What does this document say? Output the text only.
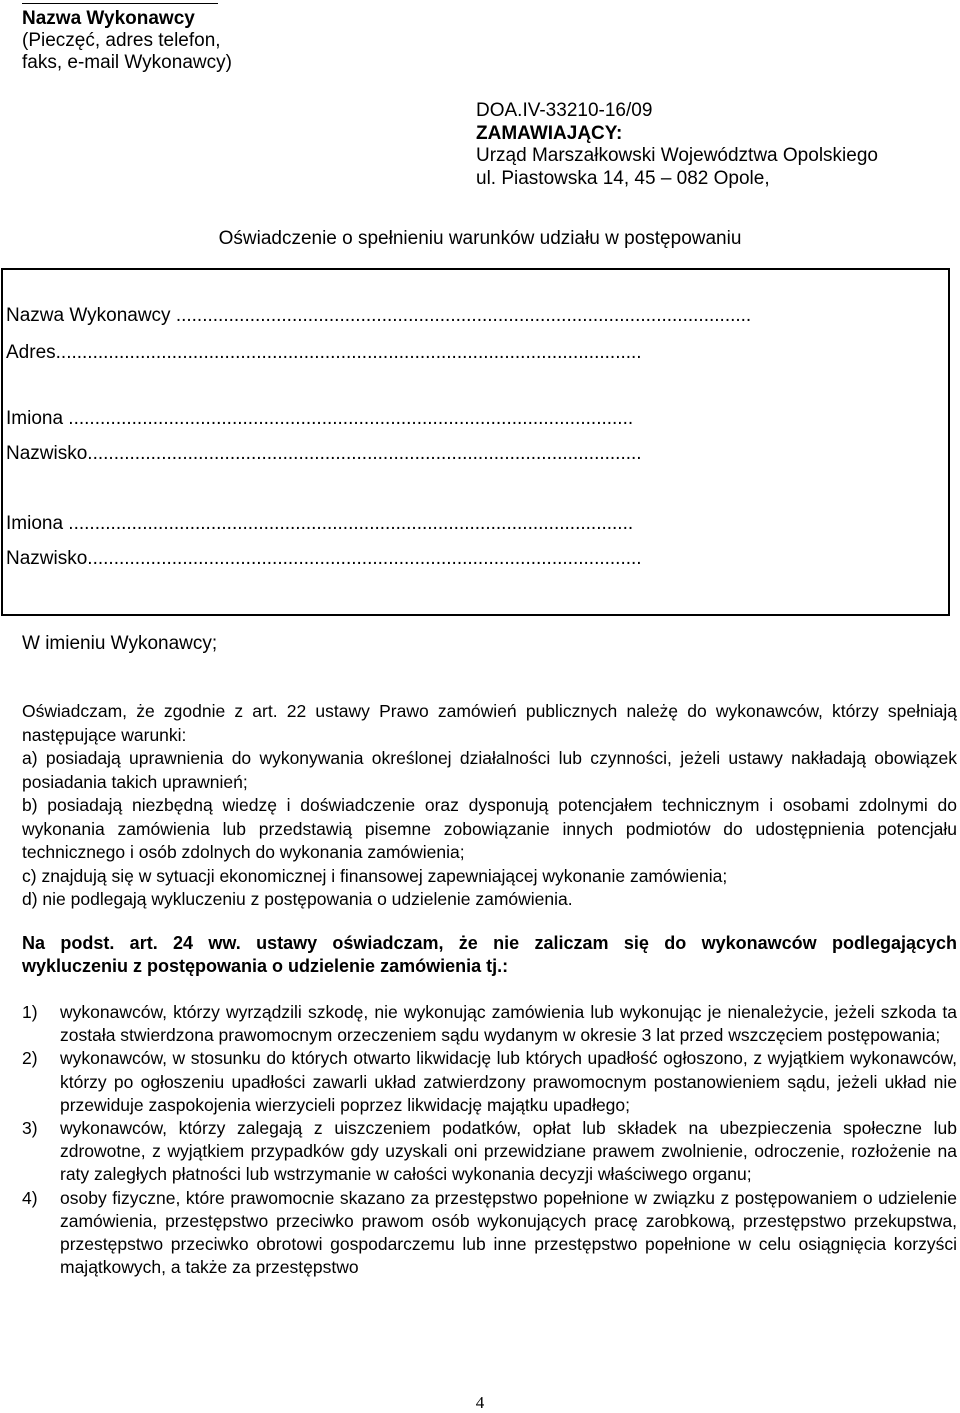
Nazwa Wykonawcy
(Pieczęć, adres telefon,
faks, e-mail Wykonawcy)
DOA.IV-33210-16/09
ZAMAWIAJĄCY:
Urząd Marszałkowski Województwa Opolskiego
ul. Piastowska 14, 45 – 082 Opole,
Oświadczenie o spełnieniu warunków udziału w postępowaniu
Nazwa Wykonawcy .............................................................................................................
Adres...............................................................................................................
Imiona ...........................................................................................................
Nazwisko.........................................................................................................
Imiona ...........................................................................................................
Nazwisko.........................................................................................................
W imieniu Wykonawcy;

Oświadczam, że zgodnie z art. 22 ustawy Prawo zamówień publicznych należę do wykonawców, którzy spełniają następujące warunki:

a) posiadają uprawnienia do wykonywania określonej działalności lub czynności, jeżeli ustawy nakładają obowiązek posiadania takich uprawnień;

b) posiadają niezbędną wiedzę i doświadczenie oraz dysponują potencjałem technicznym i osobami zdolnymi do wykonania zamówienia lub przedstawią pisemne zobowiązanie innych podmiotów do udostępnienia potencjału technicznego i osób zdolnych do wykonania zamówienia;

c) znajdują się w sytuacji ekonomicznej i finansowej zapewniającej wykonanie zamówienia;

d) nie podlegają wykluczeniu z postępowania o udzielenie zamówienia.

Na podst. art. 24 ww. ustawy oświadczam, że nie zaliczam się do wykonawców podlegających
wykluczeniu z postępowania o udzielenie zamówienia tj.:
1)	wykonawców, którzy wyrządzili szkodę, nie wykonując zamówienia lub wykonując je nienależycie, jeżeli szkoda ta została stwierdzona prawomocnym orzeczeniem sądu wydanym w okresie 3 lat przed wszczęciem postępowania;
2)	wykonawców, w stosunku do których otwarto likwidację lub których upadłość ogłoszono, z wyjątkiem wykonawców, którzy po ogłoszeniu upadłości zawarli układ zatwierdzony prawomocnym postanowieniem sądu, jeżeli układ nie przewiduje zaspokojenia wierzycieli poprzez likwidację majątku upadłego;
3)	wykonawców, którzy zalegają z uiszczeniem podatków, opłat lub składek na ubezpieczenia społeczne lub zdrowotne, z wyjątkiem przypadków gdy uzyskali oni przewidziane prawem zwolnienie, odroczenie, rozłożenie na raty zaległych płatności lub wstrzymanie w całości wykonania decyzji właściwego organu;
4)	osoby fizyczne, które prawomocnie skazano za przestępstwo popełnione w związku z postępowaniem o udzielenie zamówienia, przestępstwo przeciwko prawom osób wykonujących pracę zarobkową, przestępstwo przekupstwa, przestępstwo przeciwko obrotowi gospodarczemu lub inne przestępstwo popełnione w celu osiągnięcia korzyści majątkowych, a także za przestępstwo
4
